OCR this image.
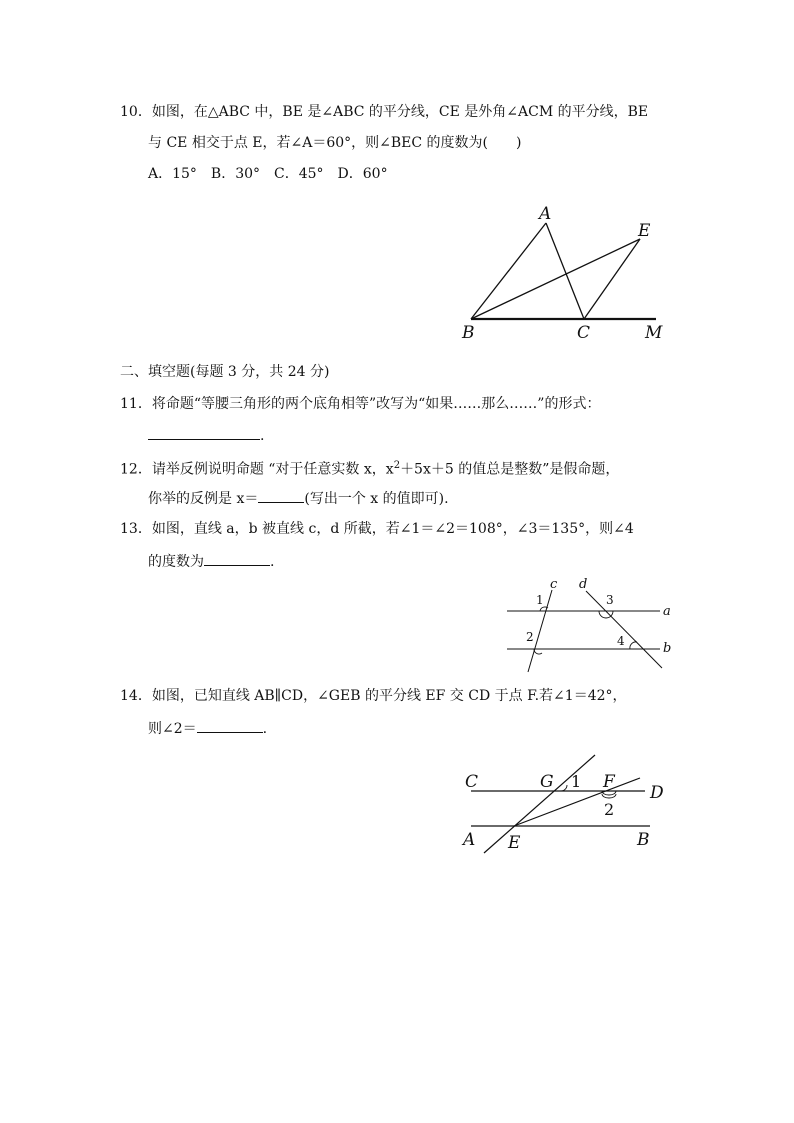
10．如图，在△ABC 中，BE 是∠ABC 的平分线，CE 是外角∠ACM 的平分线，BE
与 CE 相交于点 E，若∠A＝60°，则∠BEC 的度数为(　　)
A．15°　B．30°　C．45°　D．60°
A
B	C
E
M
二、填空题(每题 3 分，共 24 分)
11．将命题“等腰三角形的两个底角相等”改写为“如果……那么……”的形式：
.
12．请举反例说明命题 “对于任意实数 x，$x^2+5x+5$ 的值总是整数”是假命题，
你举的反例是 x＝	(写出一个 x 的值即可).
13．如图，直线 a，b 被直线 c，d 所截，若∠1＝∠2＝108°，∠3＝135°，则∠4
的度数为	.
c d
a
b
1
2
3
4
14．如图，已知直线 AB∥CD，∠GEB 的平分线 EF 交 CD 于点 F.若∠1＝42°，
则∠2＝	.
C	G 1 F
D
2
A E	B
